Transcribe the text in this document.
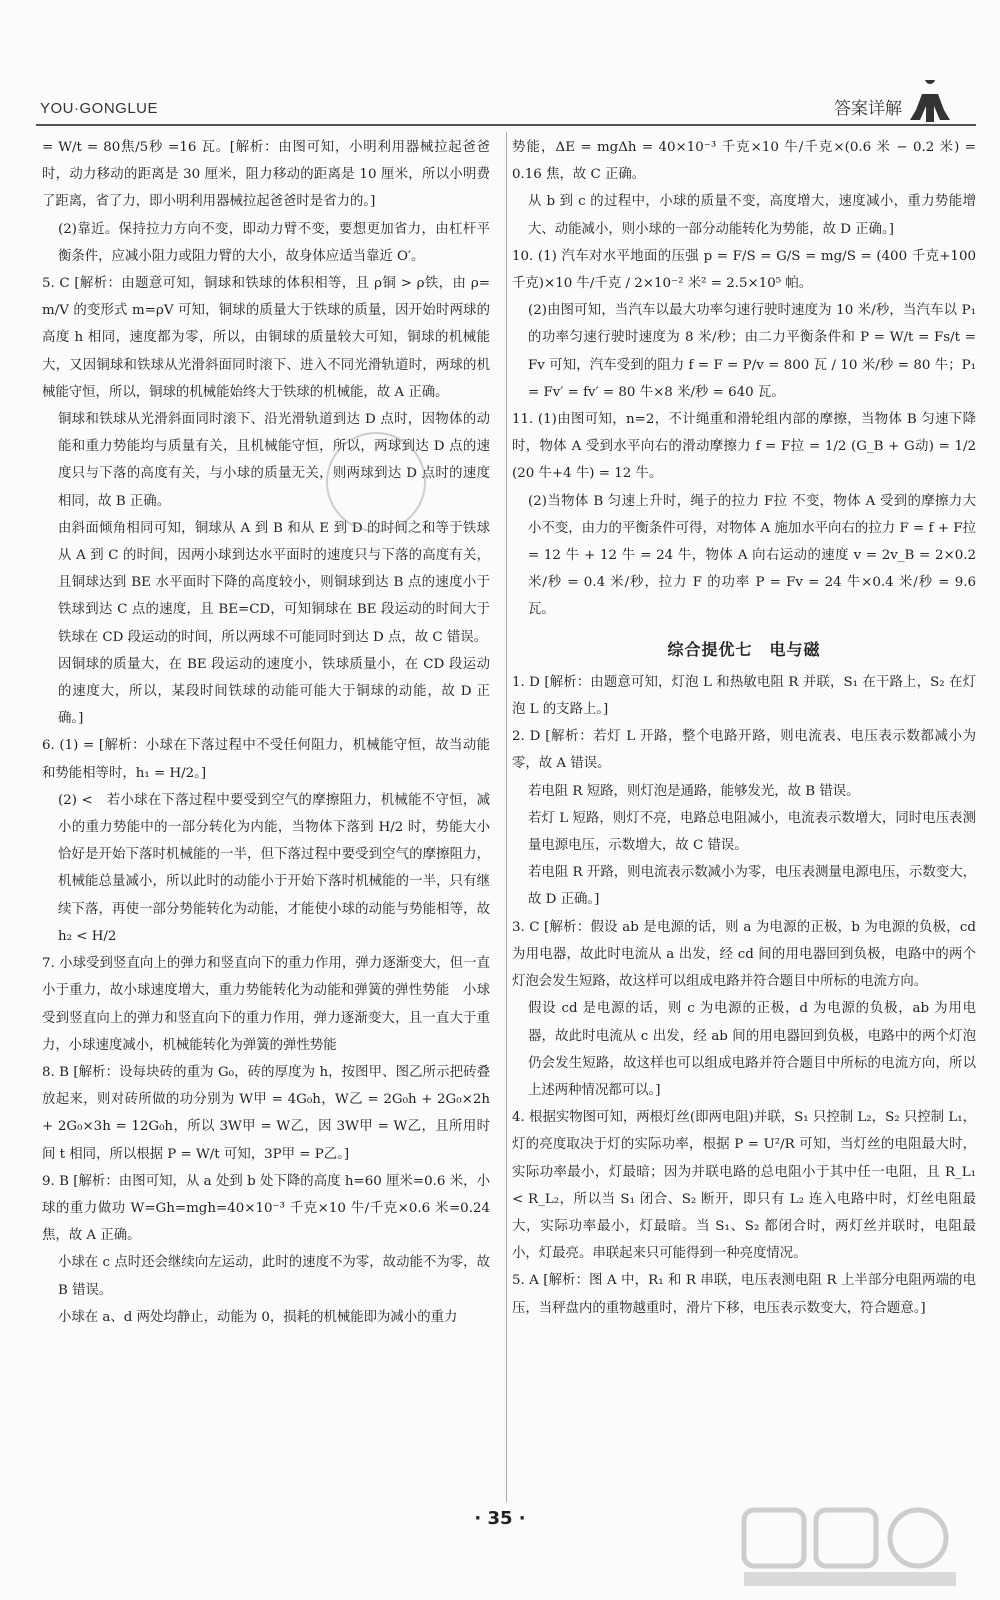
YOU·GONGLUE	答案详解

= W/t = 80焦/5秒 =16 瓦。[解析：由图可知，小明利用器械拉起爸爸时，动力移动的距离是 30 厘米，阻力移动的距离是 10 厘米，所以小明费了距离，省了力，即小明利用器械拉起爸爸时是省力的。]

(2)靠近。保持拉力方向不变，即动力臂不变，要想更加省力，由杠杆平衡条件，应减小阻力或阻力臂的大小，故身体应适当靠近 O′。

5. C [解析：由题意可知，铜球和铁球的体积相等，且 ρ铜 > ρ铁，由 ρ= m/V 的变形式 m=ρV 可知，铜球的质量大于铁球的质量，因开始时两球的高度 h 相同，速度都为零，所以，由铜球的质量较大可知，铜球的机械能大，又因铜球和铁球从光滑斜面同时滚下、进入不同光滑轨道时，两球的机械能守恒，所以，铜球的机械能始终大于铁球的机械能，故 A 正确。

铜球和铁球从光滑斜面同时滚下、沿光滑轨道到达 D 点时，因物体的动能和重力势能均与质量有关，且机械能守恒，所以，两球到达 D 点的速度只与下落的高度有关，与小球的质量无关，则两球到达 D 点时的速度相同，故 B 正确。

由斜面倾角相同可知，铜球从 A 到 B 和从 E 到 D 的时间之和等于铁球从 A 到 C 的时间，因两小球到达水平面时的速度只与下落的高度有关，且铜球达到 BE 水平面时下降的高度较小，则铜球到达 B 点的速度小于铁球到达 C 点的速度，且 BE=CD，可知铜球在 BE 段运动的时间大于铁球在 CD 段运动的时间，所以两球不可能同时到达 D 点，故 C 错误。

因铜球的质量大，在 BE 段运动的速度小，铁球质量小，在 CD 段运动的速度大，所以，某段时间铁球的动能可能大于铜球的动能，故 D 正确。]

6. (1) = [解析：小球在下落过程中不受任何阻力，机械能守恒，故当动能和势能相等时，h₁ = H/2。]

(2) <　若小球在下落过程中要受到空气的摩擦阻力，机械能不守恒，减小的重力势能中的一部分转化为内能，当物体下落到 H/2 时，势能大小恰好是开始下落时机械能的一半，但下落过程中要受到空气的摩擦阻力，机械能总量减小，所以此时的动能小于开始下落时机械能的一半，只有继续下落，再使一部分势能转化为动能，才能使小球的动能与势能相等，故 h₂ < H/2

7. 小球受到竖直向上的弹力和竖直向下的重力作用，弹力逐渐变大，但一直小于重力，故小球速度增大，重力势能转化为动能和弹簧的弹性势能　小球受到竖直向上的弹力和竖直向下的重力作用，弹力逐渐变大，且一直大于重力，小球速度减小，机械能转化为弹簧的弹性势能

8. B [解析：设每块砖的重为 G₀，砖的厚度为 h，按图甲、图乙所示把砖叠放起来，则对砖所做的功分别为 W甲 = 4G₀h，W乙 = 2G₀h + 2G₀×2h + 2G₀×3h = 12G₀h，所以 3W甲 = W乙，因 3W甲 = W乙，且所用时间 t 相同，所以根据 P = W/t 可知，3P甲 = P乙。]

9. B [解析：由图可知，从 a 处到 b 处下降的高度 h=60 厘米=0.6 米，小球的重力做功 W=Gh=mgh=40×10⁻³ 千克×10 牛/千克×0.6 米=0.24 焦，故 A 正确。

小球在 c 点时还会继续向左运动，此时的速度不为零，故动能不为零，故 B 错误。

小球在 a、d 两处均静止，动能为 0，损耗的机械能即为减小的重力

势能，ΔE = mgΔh = 40×10⁻³ 千克×10 牛/千克×(0.6 米 − 0.2 米) = 0.16 焦，故 C 正确。

从 b 到 c 的过程中，小球的质量不变，高度增大，速度减小，重力势能增大、动能减小，则小球的一部分动能转化为势能，故 D 正确。]

10. (1) 汽车对水平地面的压强 p = F/S = G/S = mg/S = (400 千克+100 千克)×10 牛/千克 / 2×10⁻² 米² = 2.5×10⁵ 帕。

(2)由图可知，当汽车以最大功率匀速行驶时速度为 10 米/秒，当汽车以 P₁ 的功率匀速行驶时速度为 8 米/秒；由二力平衡条件和 P = W/t = Fs/t = Fv 可知，汽车受到的阻力 f = F = P/v = 800 瓦 / 10 米/秒 = 80 牛；P₁ = Fv′ = fv′ = 80 牛×8 米/秒 = 640 瓦。

11. (1)由图可知，n=2，不计绳重和滑轮组内部的摩擦，当物体 B 匀速下降时，物体 A 受到水平向右的滑动摩擦力 f = F拉 = 1/2 (G_B + G动) = 1/2 (20 牛+4 牛) = 12 牛。

(2)当物体 B 匀速上升时，绳子的拉力 F拉 不变，物体 A 受到的摩擦力大小不变，由力的平衡条件可得，对物体 A 施加水平向右的拉力 F = f + F拉 = 12 牛 + 12 牛 = 24 牛，物体 A 向右运动的速度 v = 2v_B = 2×0.2 米/秒 = 0.4 米/秒，拉力 F 的功率 P = Fv = 24 牛×0.4 米/秒 = 9.6 瓦。

综合提优七　电与磁

1. D [解析：由题意可知，灯泡 L 和热敏电阻 R 并联，S₁ 在干路上，S₂ 在灯泡 L 的支路上。]

2. D [解析：若灯 L 开路，整个电路开路，则电流表、电压表示数都减小为零，故 A 错误。

若电阻 R 短路，则灯泡是通路，能够发光，故 B 错误。

若灯 L 短路，则灯不亮，电路总电阻减小，电流表示数增大，同时电压表测量电源电压，示数增大，故 C 错误。

若电阻 R 开路，则电流表示数减小为零，电压表测量电源电压，示数变大，故 D 正确。]

3. C [解析：假设 ab 是电源的话，则 a 为电源的正极，b 为电源的负极，cd 为用电器，故此时电流从 a 出发，经 cd 间的用电器回到负极，电路中的两个灯泡会发生短路，故这样可以组成电路并符合题目中所标的电流方向。

假设 cd 是电源的话，则 c 为电源的正极，d 为电源的负极，ab 为用电器，故此时电流从 c 出发，经 ab 间的用电器回到负极，电路中的两个灯泡仍会发生短路，故这样也可以组成电路并符合题目中所标的电流方向，所以上述两种情况都可以。]

4. 根据实物图可知，两根灯丝(即两电阻)并联，S₁ 只控制 L₂，S₂ 只控制 L₁，灯的亮度取决于灯的实际功率，根据 P = U²/R 可知，当灯丝的电阻最大时，实际功率最小，灯最暗；因为并联电路的总电阻小于其中任一电阻，且 R_L₁ < R_L₂，所以当 S₁ 闭合、S₂ 断开，即只有 L₂ 连入电路中时，灯丝电阻最大，实际功率最小，灯最暗。当 S₁、S₂ 都闭合时，两灯丝并联时，电阻最小，灯最亮。串联起来只可能得到一种亮度情况。

5. A [解析：图 A 中，R₁ 和 R 串联，电压表测电阻 R 上半部分电阻两端的电压，当秤盘内的重物越重时，滑片下移，电压表示数变大，符合题意。]

· 35 ·
